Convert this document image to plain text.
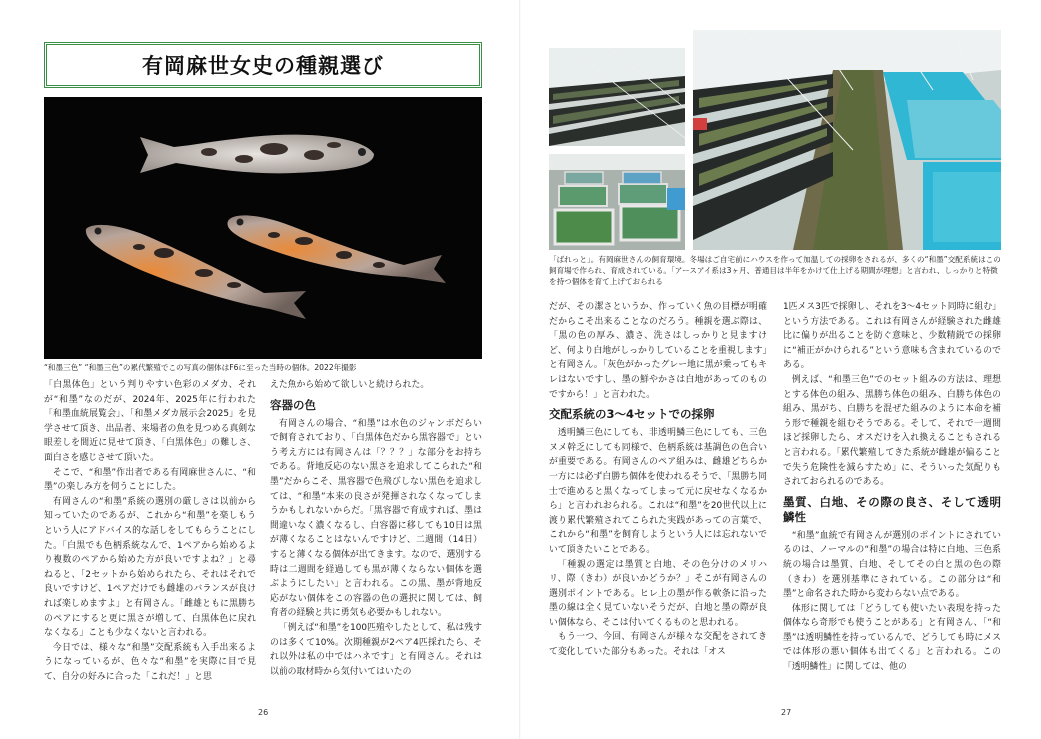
有岡麻世女史の種親選び
“和墨三色” “和墨三色”の累代繁殖でこの写真の個体はF6に至った当時の個体。2022年撮影

「白黒体色」という判りやすい色彩のメダカ、それが“和墨”なのだが、2024年、2025年に行われた「和墨血統展覧会」、「和墨メダカ展示会2025」を見学させて頂き、出品者、来場者の魚を見つめる真剣な眼差しを間近に見せて頂き、「白黒体色」の難しさ、面白さを感じさせて頂いた。

そこで、“和墨”作出者である有岡麻世さんに、“和墨”の楽しみ方を伺うことにした。

有岡さんの“和墨”系統の選別の厳しさは以前から知っていたのであるが、これから“和墨”を楽しもうという人にアドバイス的な話しをしてもらうことにした。「白黒でも色柄系統なんで、1ペアから始めるより複数のペアから始めた方が良いですよね？」と尋ねると、「2セットから始められたら、それはそれで良いですけど、1ペアだけでも雌雄のバランスが良ければ楽しめますよ」と有岡さん。「雌雄ともに黒勝ちのペアにすると更に黒さが増して、白黒体色に戻れなくなる」ことも少なくないと言われる。

今日では、様々な“和墨”交配系統も入手出来るようになっているが、色々な“和墨”を実際に目で見て、自分の好みに合った「これだ！」と思

えた魚から始めて欲しいと続けられた。

容器の色

有岡さんの場合、“和墨”は水色のジャンボだらいで飼育されており、「白黒体色だから黒容器で」という考え方には有岡さんは「？？？」な部分をお持ちである。背地反応のない黒さを追求してこられた“和墨”だからこそ、黒容器で色飛びしない黒色を追求しては、“和墨”本来の良さが発揮されなくなってしまうかもしれないからだ。「黒容器で育成すれば、墨は間違いなく濃くなるし、白容器に移しても10日は黒が薄くなることはないんですけど、二週間（14日）すると薄くなる個体が出てきます。なので、選別する時は二週間を経過しても黒が薄くならない個体を選ぶようにしたい」と言われる。この黒、墨が背地反応がない個体をこの容器の色の選択に関しては、飼育者の経験と共に勇気も必要かもしれない。

「例えば“和墨”を100匹殖やしたとして、私は残すのは多くて10%。次期種親が2ペア4匹採れたら、それ以外は私の中ではハネです」と有岡さん。それは以前の取材時から気付いてはいたの

26
「ばれっと」。有岡麻世さんの飼育環境。冬場はご自宅前にハウスを作って加温しての採卵をされるが、多くの“和墨”交配系統はこの飼育場で作られ、育成されている。「アースアイ系は3ヶ月、普通目は半年をかけて仕上げる期間が理想」と言われ、しっかりと特徴を持つ個体を育て上げておられる

だが、その潔さというか、作っていく魚の目標が明確だからこそ出来ることなのだろう。種親を選ぶ際は、「黒の色の厚み、濃さ、洗さはしっかりと見ますけど、何より白地がしっかりしていることを重視します」と有岡さん。「灰色がかったグレー地に黒が乗ってもキレはないですし、墨の鮮やかさは白地があってのものですから！」と言われた。

交配系統の3～4セットでの採卵

透明鱗三色にしても、非透明鱗三色にしても、三色ヌメ幹乏にしても同様で、色柄系統は基調色の色合いが重要である。有岡さんのペア組みは、雌雄どちらか一方には必ず白勝ち個体を使われるそうで、「黒勝ち同士で進めると黒くなってしまって元に戻せなくなるから」と言われおられる。これは“和墨”を20世代以上に渡り累代繁殖されてこられた実践があっての言葉で、これから“和墨”を飼育しようという人には忘れないでいて頂きたいことである。

「種親の選定は墨質と白地、その色分けのメリハリ、際（きわ）が良いかどうか？」そこが有岡さんの選別ポイントである。ヒレ上の墨が作る軟条に沿った墨の線は全く見ていないそうだが、白地と墨の際が良い個体なら、そこは付いてくるものと思われる。

もう一つ、今回、有岡さんが様々な交配をされてきて変化していた部分もあった。それは「オス

1匹メス3匹で採卵し、それを3～4セット同時に組む」という方法である。これは有岡さんが経験された雌雄比に偏りが出ることを防ぐ意味と、少数精鋭での採卵に“補正がかけられる”という意味も含まれているのである。

例えば、“和墨三色”でのセット組みの方法は、理想とする体色の組み、黒勝ち体色の組み、白勝ち体色の組み、黒がち、白勝ちを混ぜた組みのように本命を補う形で種親を組むそうである。そして、それで一週間ほど採卵したら、オスだけを入れ換えることもされると言われる。「累代繁殖してきた系統が雌雄が偏ることで失う危険性を減らすため」に、そういった気配りもされておられるのである。

墨質、白地、その際の良さ、そして透明鱗性

“和墨”血統で有岡さんが選別のポイントにされているのは、ノーマルの“和墨”の場合は特に白地、三色系統の場合は墨質、白地、そしてその白と黒の色の際（きわ）を選別基準にされている。この部分は“和墨”と命名された時から変わらない点である。

体形に関しては「どうしても使いたい表現を持った個体なら奇形でも使うことがある」と有岡さん、「“和墨”は透明鱗性を持っているんで、どうしても時にメスでは体形の悪い個体も出てくる」と言われる。この「透明鱗性」に関しては、他の

27
